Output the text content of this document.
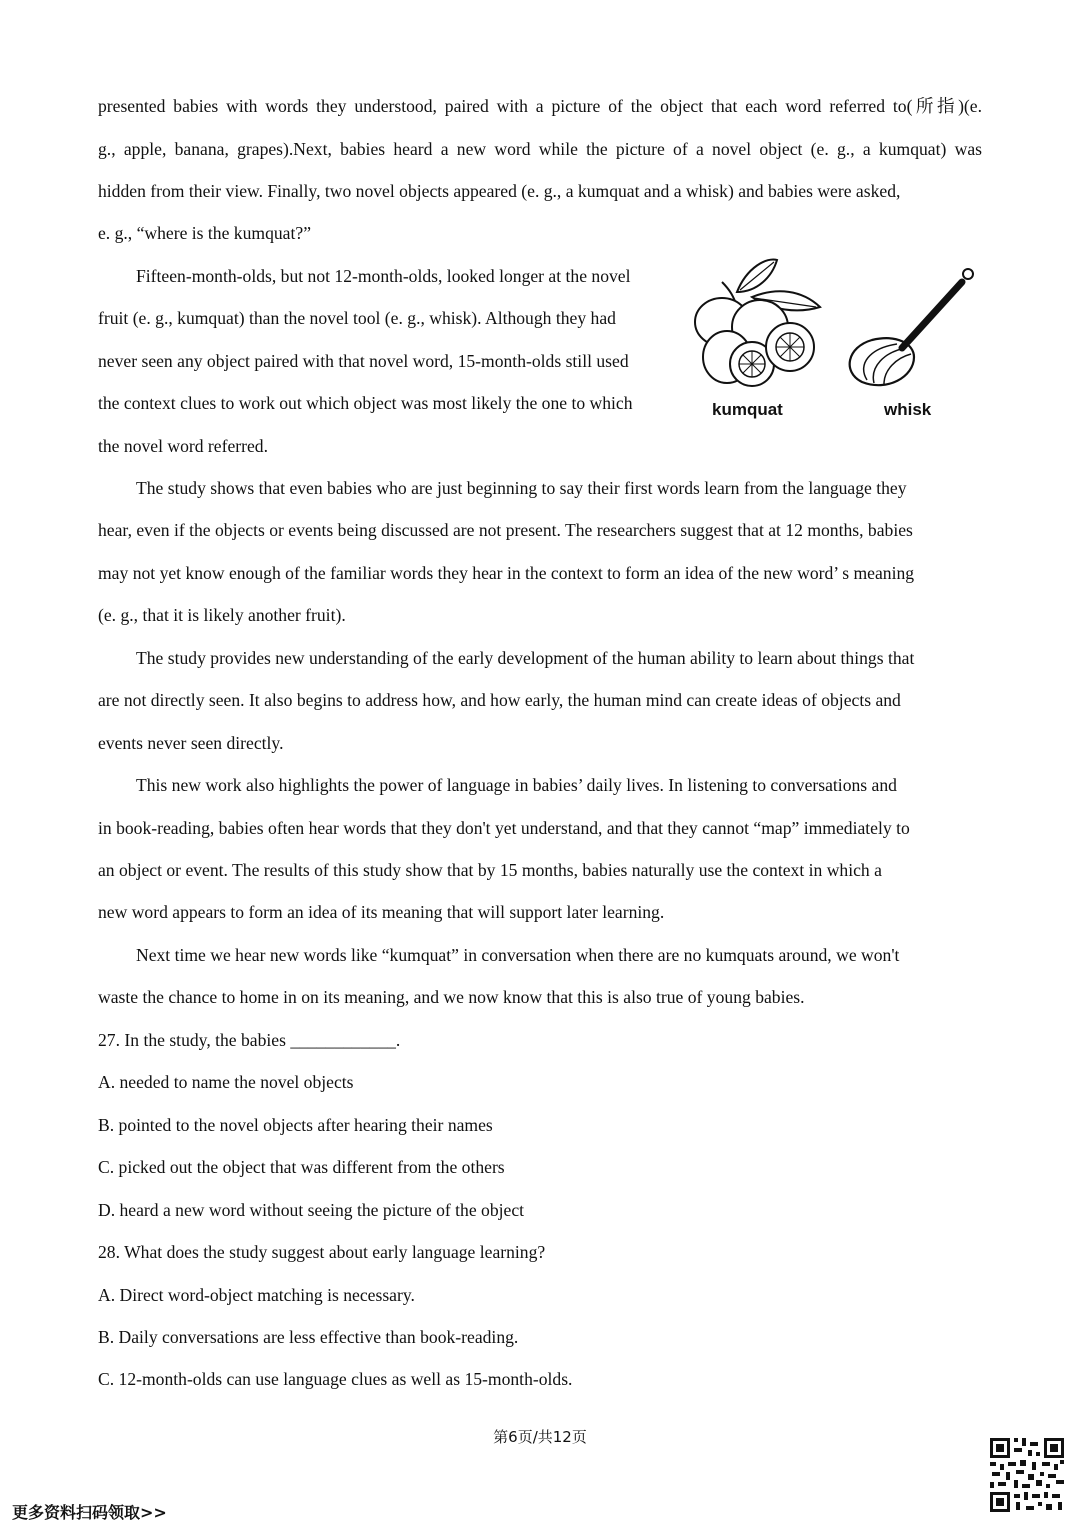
presented babies with words they understood, paired with a picture of the object that each word referred to(所指)(e.
g., apple, banana, grapes).Next, babies heard a new word while the picture of a novel object (e. g., a kumquat) was
hidden from their view. Finally, two novel objects appeared (e. g., a kumquat and a whisk) and babies were asked,
e. g., “where is the kumquat?”
Fifteen-month-olds, but not 12-month-olds, looked longer at the novel
fruit (e. g., kumquat) than the novel tool (e. g., whisk). Although they had
never seen any object paired with that novel word, 15-month-olds still used
the context clues to work out which object was most likely the one to which
the novel word referred.
The study shows that even babies who are just beginning to say their first words learn from the language they
hear, even if the objects or events being discussed are not present. The researchers suggest that at 12 months, babies
may not yet know enough of the familiar words they hear in the context to form an idea of the new word’ s meaning
(e. g., that it is likely another fruit).
The study provides new understanding of the early development of the human ability to learn about things that
are not directly seen. It also begins to address how, and how early, the human mind can create ideas of objects and
events never seen directly.
This new work also highlights the power of language in babies’ daily lives. In listening to conversations and
in book-reading, babies often hear words that they don't yet understand, and that they cannot “map” immediately to
an object or event. The results of this study show that by 15 months, babies naturally use the context in which a
new word appears to form an idea of its meaning that will support later learning.
Next time we hear new words like “kumquat” in conversation when there are no kumquats around, we won't
waste the chance to home in on its meaning, and we now know that this is also true of young babies.
kumquat	whisk
27. In the study, the babies ____________.
A. needed to name the novel objects
B. pointed to the novel objects after hearing their names
C. picked out the object that was different from the others
D. heard a new word without seeing the picture of the object
28. What does the study suggest about early language learning?
A. Direct word-object matching is necessary.
B. Daily conversations are less effective than book-reading.
C. 12-month-olds can use language clues as well as 15-month-olds.
第6页/共12页
更多资料扫码领取>>
